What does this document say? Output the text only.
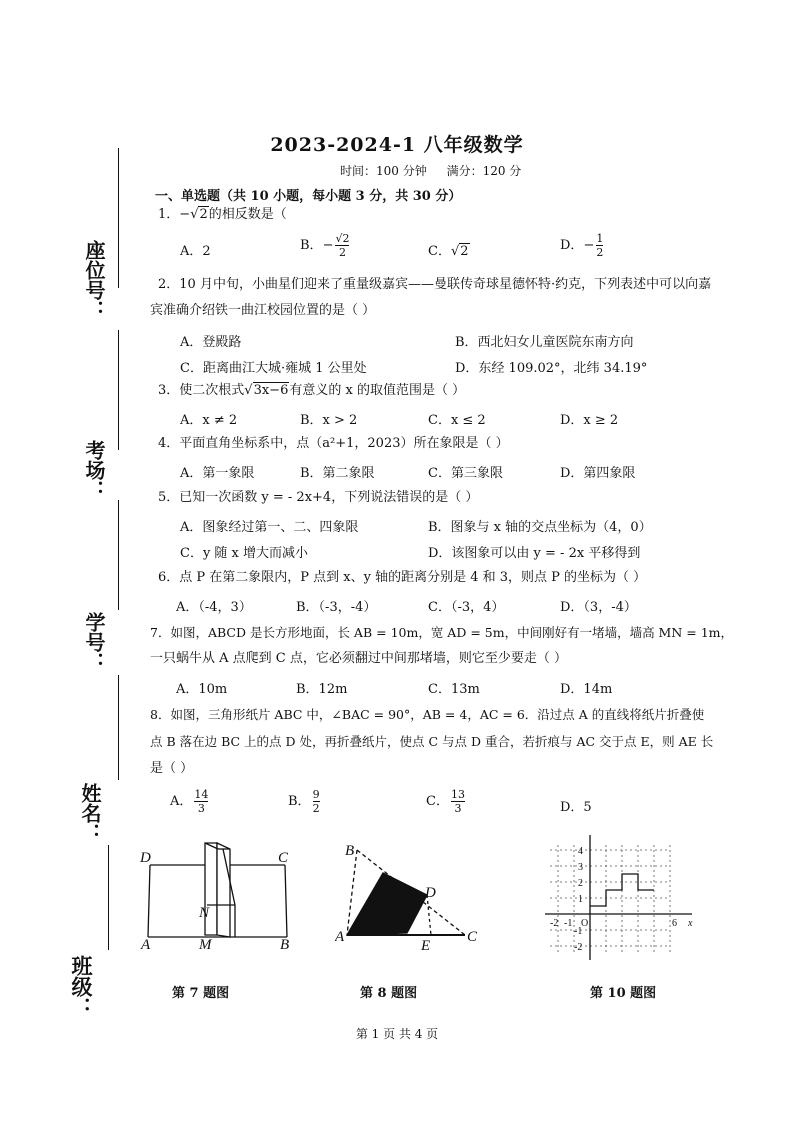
座位号：
考场：
学号：
姓名：
班级：
2023-2024-1 八年级数学
时间：100 分钟 满分：120 分
一、单选题（共 10 小题，每小题 3 分，共 30 分）
1．−√2的相反数是（
A．2	B．− $\frac{√2}{2}$	C．√2	D．− $\frac{1}{2}$
2．10 月中旬，小曲星们迎来了重量级嘉宾——曼联传奇球星德怀特·约克，下列表述中可以向嘉
宾准确介绍铁一曲江校园位置的是（ ）
A．登殿路	B．西北妇女儿童医院东南方向
C．距离曲江大城·雍城 1 公里处	D．东经 109.02°，北纬 34.19°
3．使二次根式√3x−6有意义的 x 的取值范围是（ ）
A．x ≠ 2	B．x > 2	C．x ≤ 2	D．x ≥ 2
4．平面直角坐标系中，点（a²+1，2023）所在象限是（ ）
A．第一象限	B．第二象限	C．第三象限	D．第四象限
5．已知一次函数 y = - 2x+4，下列说法错误的是（ ）
A．图象经过第一、二、四象限	B．图象与 x 轴的交点坐标为（4，0）
C．y 随 x 增大而减小	D．该图象可以由 y = - 2x 平移得到
6．点 P 在第二象限内，P 点到 x、y 轴的距离分别是 4 和 3，则点 P 的坐标为（ ）
A．（-4，3）	B．（-3，-4）	C．（-3，4）	D．（3，-4）
7．如图，ABCD 是长方形地面，长 AB = 10m，宽 AD = 5m，中间刚好有一堵墙，墙高 MN = 1m，
一只蜗牛从 A 点爬到 C 点，它必须翻过中间那堵墙，则它至少要走（ ）
A．10m	B．12m	C．13m	D．14m
8．如图，三角形纸片 ABC 中，∠BAC = 90°，AB = 4，AC = 6．沿过点 A 的直线将纸片折叠使
点 B 落在边 BC 上的点 D 处，再折叠纸片，使点 C 与点 D 重合，若折痕与 AC 交于点 E，则 AE 长
是（ ）
A． $\frac{14}{3}$	B． $\frac{9}{2}$	C． $\frac{13}{3}$	D．5
D	C
A	M	B
N
第 7 题图
B
D
A
E
C
第 8 题图
4
3
2
1
-1
-2
-2 -1 O	6 x
第 10 题图
第 1 页 共 4 页
